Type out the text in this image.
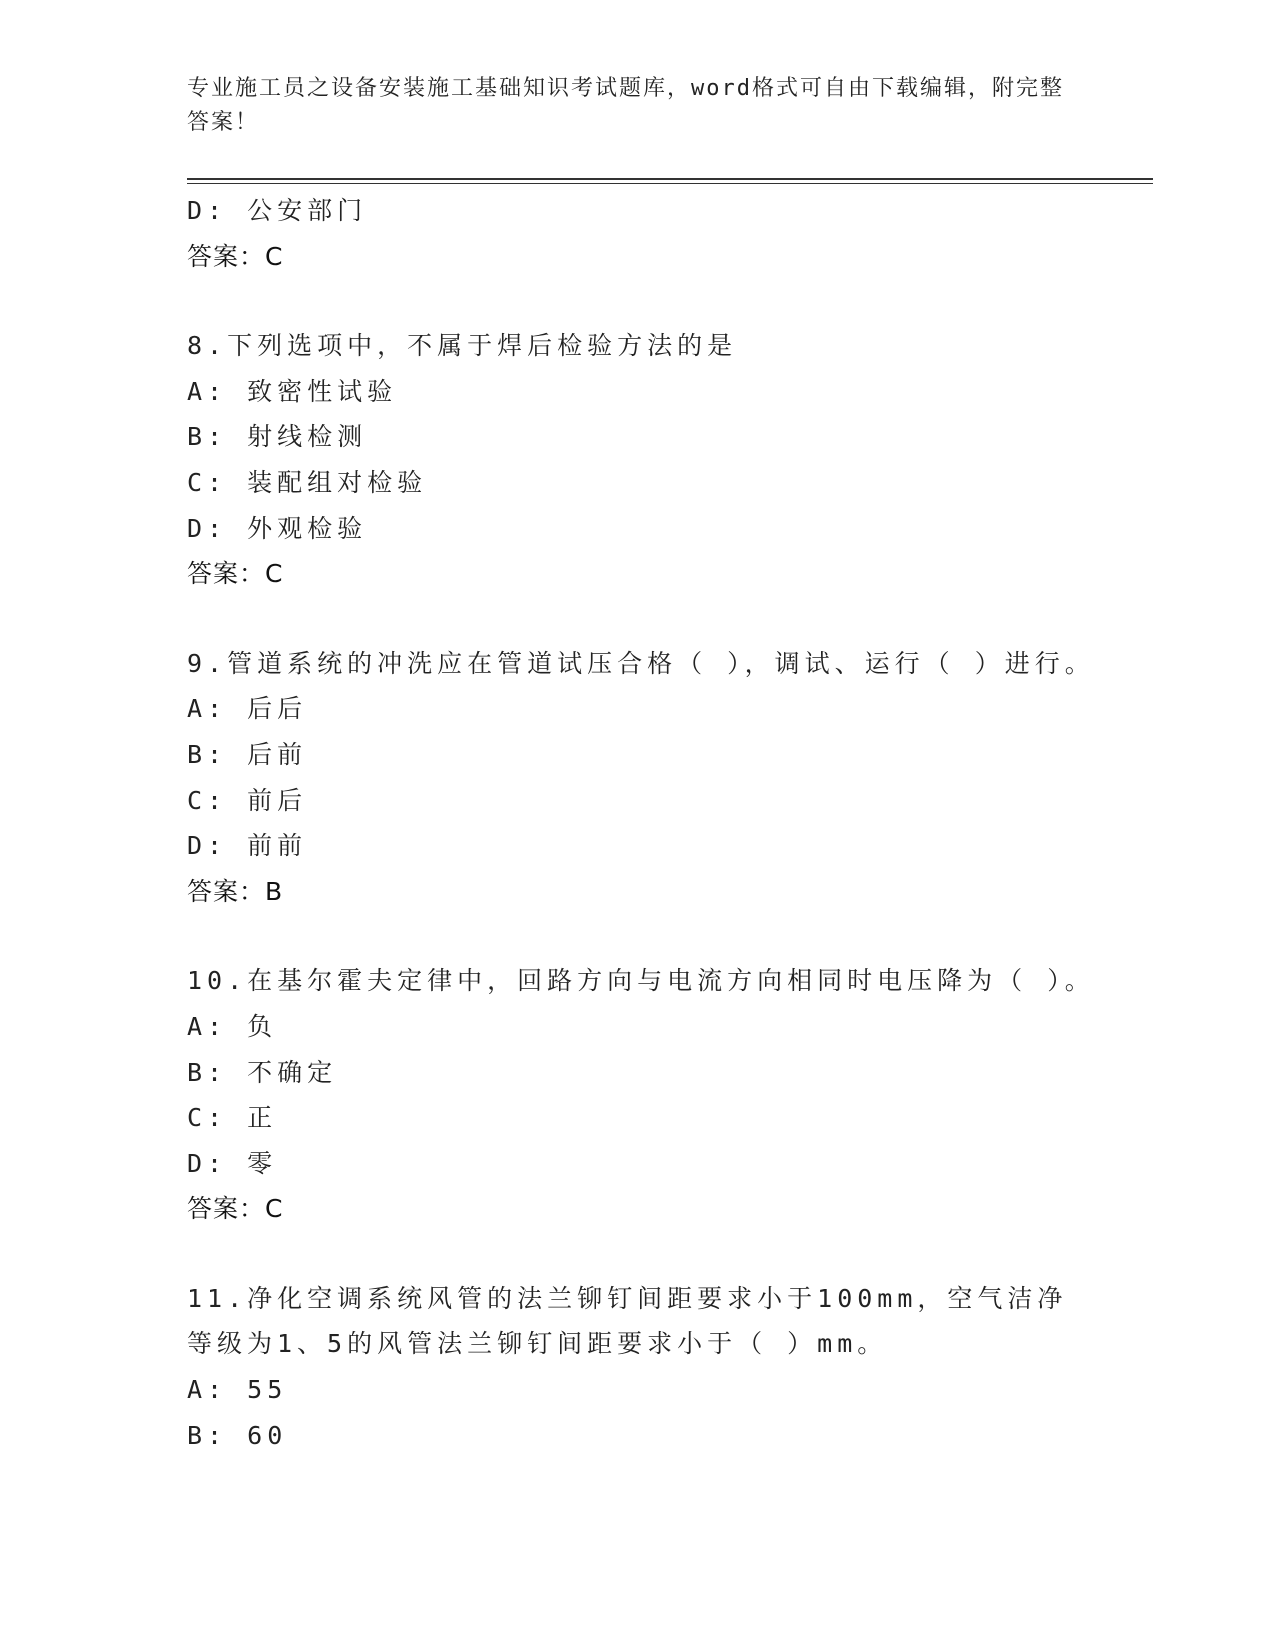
专业施工员之设备安装施工基础知识考试题库，word格式可自由下载编辑，附完整答案！
D: 公安部门
答案：C
8.下列选项中，不属于焊后检验方法的是
A: 致密性试验
B: 射线检测
C: 装配组对检验
D: 外观检验
答案：C
9.管道系统的冲洗应在管道试压合格（ ），调试、运行（ ）进行。
A: 后后
B: 后前
C: 前后
D: 前前
答案：B
10.在基尔霍夫定律中，回路方向与电流方向相同时电压降为（ ）。
A: 负
B: 不确定
C: 正
D: 零
答案：C
11.净化空调系统风管的法兰铆钉间距要求小于100mm，空气洁净等级为1、5的风管法兰铆钉间距要求小于（ ）mm。
A: 55
B: 60
